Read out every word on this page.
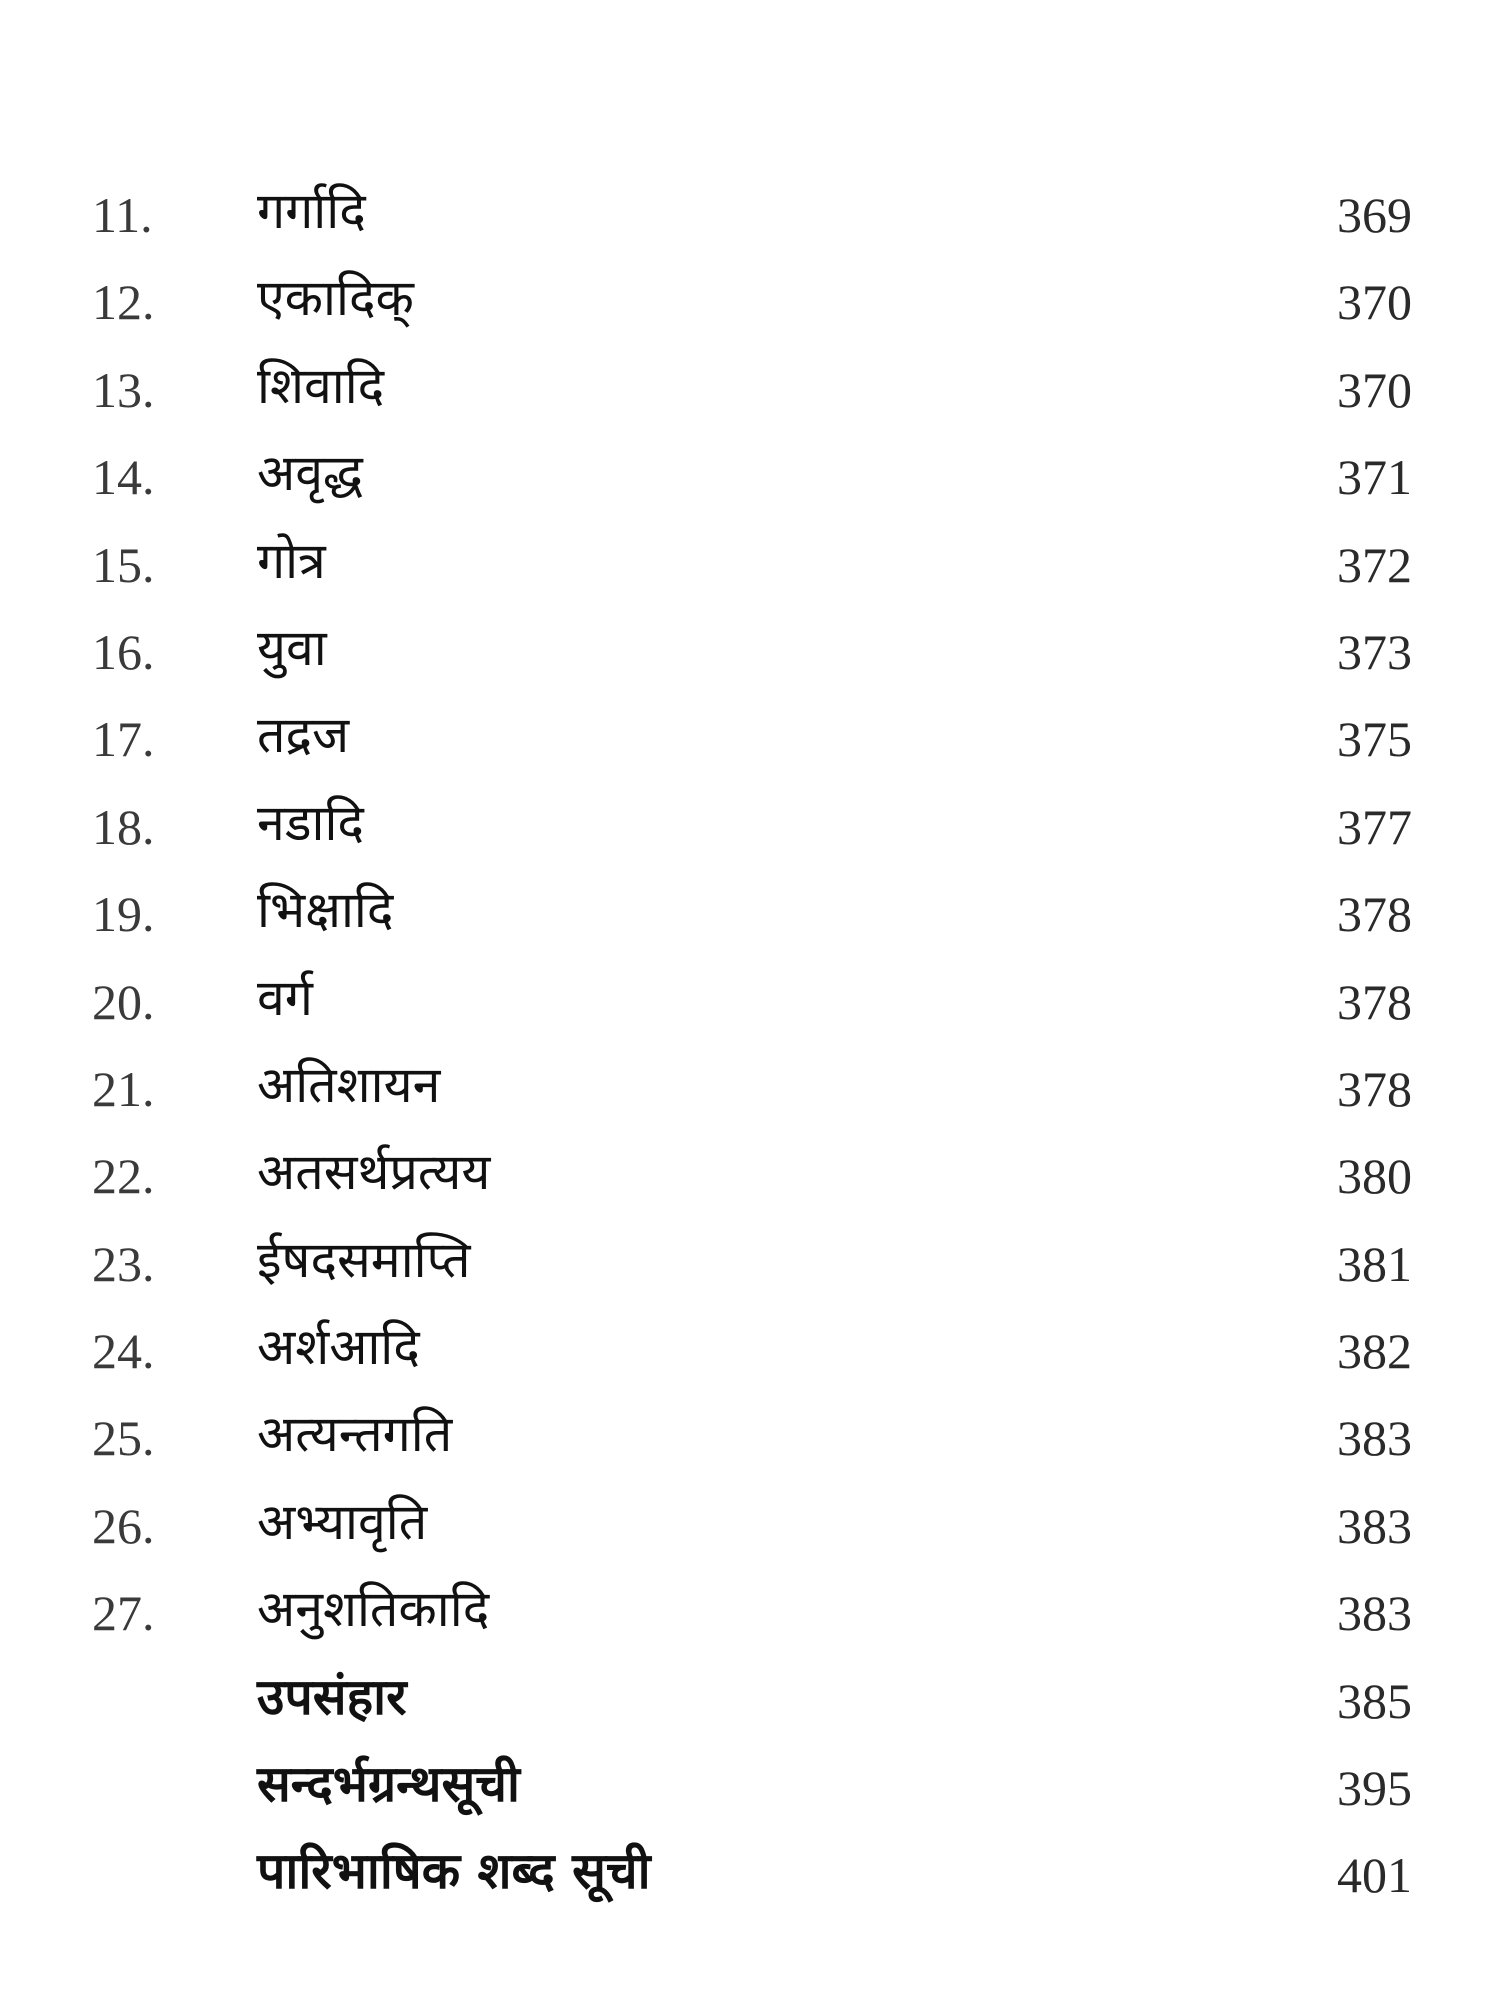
11. गर्गादि	369
12. एकादिक्	370
13. शिवादि	370
14. अवृद्ध	371
15. गोत्र	372
16. युवा	373
17. तद्रज	375
18. नडादि	377
19. भिक्षादि	378
20. वर्ग	378
21. अतिशायन	378
22. अतसर्थप्रत्यय	380
23. ईषदसमाप्ति	381
24. अर्शआदि	382
25. अत्यन्तगति	383
26. अभ्यावृति	383
27. अनुशतिकादि	383
उपसंहार	385
सन्दर्भग्रन्थसूची	395
पारिभाषिक शब्द सूची	401
